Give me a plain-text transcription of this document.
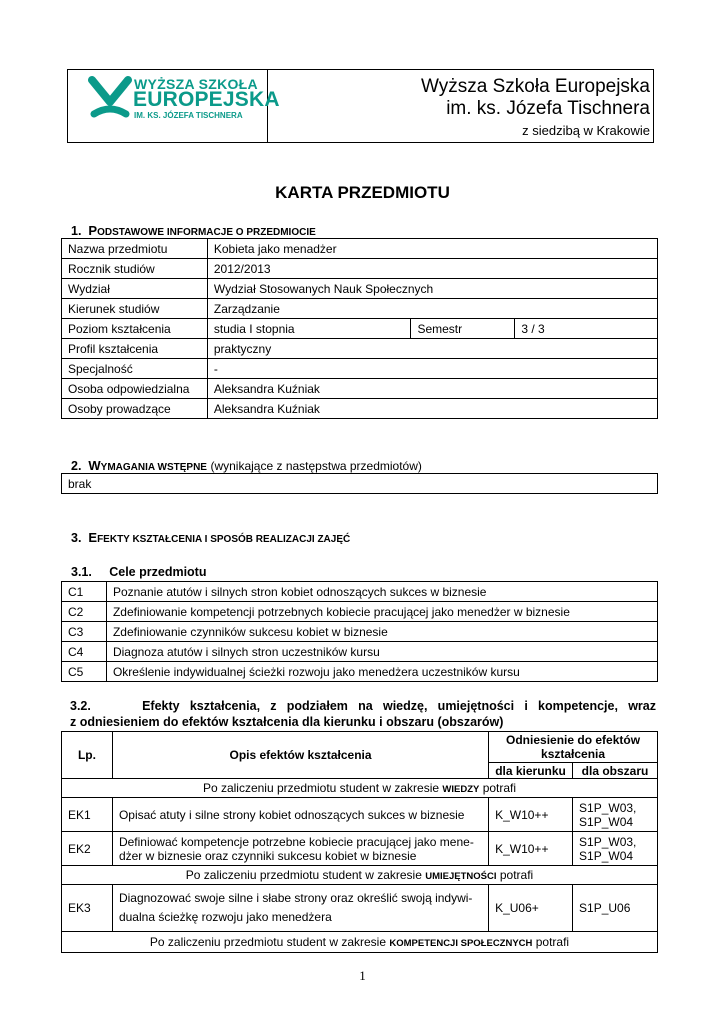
WYŻSZA SZKOŁA
EUROPEJSKA
IM. KS. JÓZEFA TISCHNERA
Wyższa Szkoła Europejska
im. ks. Józefa Tischnera
z siedzibą w Krakowie
KARTA PRZEDMIOTU
1. PODSTAWOWE INFORMACJE O PRZEDMIOCIE
Nazwa przedmiotu	Kobieta jako menadżer		
Rocznik studiów	2012/2013		
Wydział	Wydział Stosowanych Nauk Społecznych		
Kierunek studiów	Zarządzanie		
Poziom kształcenia	studia I stopnia	Semestr	3 / 3
Profil kształcenia	praktyczny		
Specjalność	-		
Osoba odpowiedzialna	Aleksandra Kuźniak		
Osoby prowadzące	Aleksandra Kuźniak		
2. WYMAGANIA WSTĘPNE (wynikające z następstwa przedmiotów)
brak
3. EFEKTY KSZTAŁCENIA I SPOSÓB REALIZACJI ZAJĘĆ
3.1. Cele przedmiotu
C1	Poznanie atutów i silnych stron kobiet odnoszących sukces w biznesie
C2	Zdefiniowanie kompetencji potrzebnych kobiecie pracującej jako menedżer w biznesie
C3	Zdefiniowanie czynników sukcesu kobiet w biznesie
C4	Diagnoza atutów i silnych stron uczestników kursu
C5	Określenie indywidualnej ścieżki rozwoju jako menedżera uczestników kursu
3.2.	Efekty kształcenia, z podziałem na wiedzę, umiejętności i kompetencje, wraz
z odniesieniem do efektów kształcenia dla kierunku i obszaru (obszarów)
Lp.	Opis efektów kształcenia	Odniesienie do efektów kształcenia	
		dla kierunku	dla obszaru
Po zaliczeniu przedmiotu student w zakresie WIEDZY potrafi			
EK1	Opisać atuty i silne strony kobiet odnoszących sukces w biznesie	K_W10++	S1P_W03,
S1P_W04
EK2	Definiować kompetencje potrzebne kobiecie pracującej jako mene-
dżer w biznesie oraz czynniki sukcesu kobiet w biznesie	K_W10++	S1P_W03,
S1P_W04
Po zaliczeniu przedmiotu student w zakresie UMIEJĘTNOŚCI potrafi			
EK3	Diagnozować swoje silne i słabe strony oraz określić swoją indywi-
dualna ścieżkę rozwoju jako menedżera	K_U06+	S1P_U06
Po zaliczeniu przedmiotu student w zakresie KOMPETENCJI SPOŁECZNYCH potrafi			
1
